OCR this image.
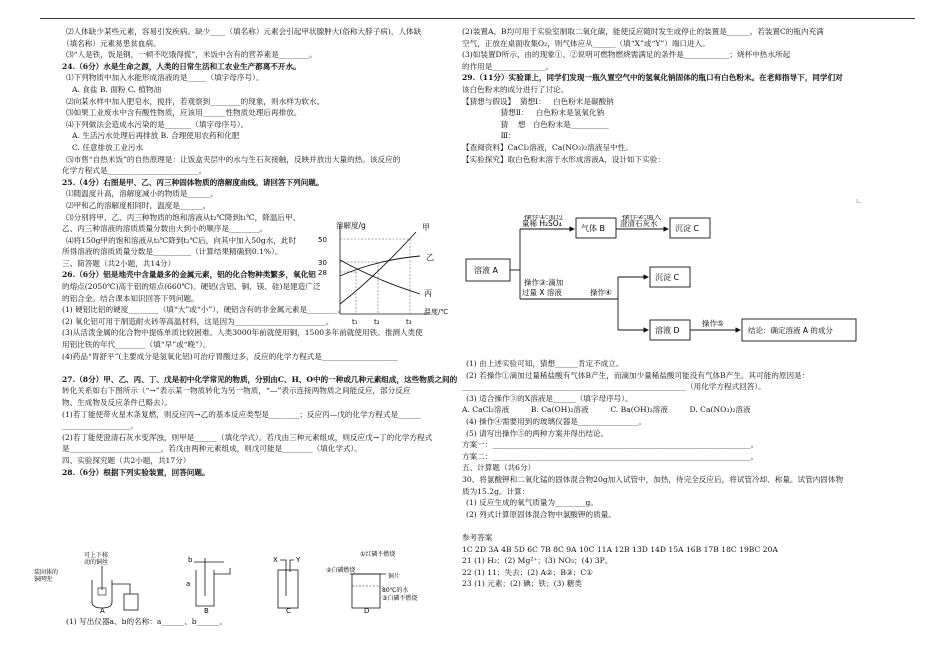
ㄴ
⑵人体缺少某些元素，容易引发疾病。缺少____（填名称）元素会引起甲状腺肿大(俗称大脖子病)，人体缺
（填名称）元素易患贫血病。
⑶“人是铁，饭是钢，一顿不吃饿得慌”，米饭中含有的营养素是________。
24.（6分）水是生命之源，人类的日常生活和工农业生产都离不开水。
⑴下列物质中加入水能形成溶液的是_____（填字母序号）。
A. 食盐 B. 面粉 C. 植物油
⑵向某水样中加入肥皂水，搅拌，若观察到________的现象，则水样为软水。
⑶如果工业废水中含有酸性物质，应该用______性物质处理后再排放。
⑷下列做法会造成水污染的是_______（填字母序号）。
A. 生活污水处理后再排放 B. 合理使用农药和化肥
C. 任意排放工业污水
⑸市售“自热米饭”的自热原理是：让饭盒夹层中的水与生石灰接触，反映并放出大量的热。该反应的
化学方程式是________________________。
25.（4分）右图是甲、乙、丙三种固体物质的溶解度曲线。请回答下列问题。
⑴随温度升高，溶解度减小的物质是______。
⑵甲和乙的溶解度相同时，温度是______。
⑶分别将甲、乙、丙三种物质的饱和溶液从t₂℃降到t₁℃，降温后甲、
乙、丙三种溶液的溶质质量分数由大到小的顺序是________。
⑷将150g甲的饱和溶液从t₃℃降到t₂℃后，向其中加入50g水，此时
所得溶液的溶质质量分数是__________（计算结果精确到0.1%）。
三、简答题（共2小题，共14分）
26.（6分）铝是地壳中含量最多的金属元素，铝的化合物种类繁多，氧化铝
的熔点(2050℃)高于铝的熔点(660℃)。硬铝(含铝、铜、镁、硅)是建造广泛
的铝合金。结合课本知识回答下列问题。
(1) 硬铝比铝的硬度________（填“大”或“小”），硬铝含有的非金属元素是________。
(2) 氧化铝可用于制造耐火砖等高温材料，这是因为________________________。
(3)从活泼金属的化合物中提炼单质比较困难。人类3000年前就使用铜，1500多年前就使用铁。推测人类使
用铝比铁的年代________（填“早”或“晚”）。
(4)药品“胃舒平”(主要成分是氢氧化铝)可治疗胃酸过多，反应的化学方程式是____________________
27.（8分）甲、乙、丙、丁、戊是初中化学常见的物质，分别由C、H、O中的一种或几种元素组成，这些物质之间的
转化关系如右下图所示（“→”表示某一物质转化为另一物质，“—”表示连接两物质之间能反应，部分反应
物、生成物及反应条件已略去）。
(1)若丁能使带火星木条复燃，则反应丙→乙的基本反应类型是________；反应丙—戊的化学方程式是______
__________________。
(2)若丁能使澄清石灰水变浑浊，则甲是______（填化学式）。若戊由三种元素组成，则反应戊→丁的化学方程式
是________________________，若戊由两种元素组成，则戊可能是________（填化学式）。
四、实验探究题（共2小题，共17分）
28.（6分）根据下列实验装置，回答问题。
溶解度/g
50
30
28
甲
乙
丙
温度/℃
t₁ t₂	t₃
可上下移
动的铜丝
装固体的
铜网兜
b
a
X	Y
①红磷不燃烧
②白磷燃烧
铜片
80℃的水
③白磷不燃烧
A	B	C	D
(1) 写出仪器a、b的名称：a______、b______。
(2)装置A、B均可用于实验室制取二氧化碳，能使反应随时发生或停止的装置是______。若装置C的瓶内充满
空气，正放在桌面收集O₂，则气体应从______（填“X”或“Y”）端口进入。
(3)如装置D所示，由的现象①、②说明可燃物燃烧需满足的条件是____________；烧杯中热水所起
的作用是______________。
29.（11分）实验课上，同学们发现一瓶久置空气中的氢氧化钠固体的瓶口有白色粉末。在老师指导下，同学们对
该白色粉末的成分进行了讨论。
【猜想与假设】  猜想Ⅰ：   白色粉末是碳酸钠
猜想Ⅱ：   白色粉末是氢氧化钠
猜    想   白色粉末是__________
Ⅲ：
【查阅资料】CaCl₂溶液，Ca(NO₃)₂溶液呈中性。
【实验探究】取白色粉末溶于水形成溶液A，设计如下实验：
溶液 A
操作①:加过
量稀 H₂SO₄
气体 B
操作②:通入
澄清石灰水
沉淀 C
操作③:滴加
过量 X 溶液	操作④
沉淀 C
溶液 D
操作⑤
结论：确定溶液 A 的成分
(1) 由上述实验可知，猜想______肯定不成立。
(2) 若操作①滴加过量稀盐酸有气体B产生，而滴加少量稀盐酸可能没有气体B产生。其可能的原因是：
___________________________________________________________（用化学方程式回答）。
(3) 适合操作③的X溶液是______（填字母序号）。
A. CaCl₂溶液         B. Ca(OH)₂溶液         C. Ba(OH)₂溶液         D. Ca(NO₃)₂溶液
(4) 操作④需要用到的玻璃仪器是________________。
(5) 请写出操作⑤的两种方案并得出结论。
方案一：____________________________________________________________________。
方案二：____________________________________________________________________。
五、计算题（共6分）
30、将氯酸钾和二氧化锰的固体混合物20g加入试管中，加热，待完全反应后，将试管冷却、称量。试管内固体物
质为15.2g。计算：
(1) 反应生成的氧气质量为________g。
(2) 列式计算原固体混合物中氯酸钾的质量。
参考答案
1C 2D 3A 4B 5D 6C 7B 8C 9A 10C 11A 12B 13D 14D 15A 16B 17B 18C 19BC 20A
21 (1) H₂；(2) Mg²⁺；(3) NO₃；(4) 3P。
22 (1) 11；失去；(2) A②；B③；C①
23 (1) 元素；(2) 碘；铁；(3) 糖类
